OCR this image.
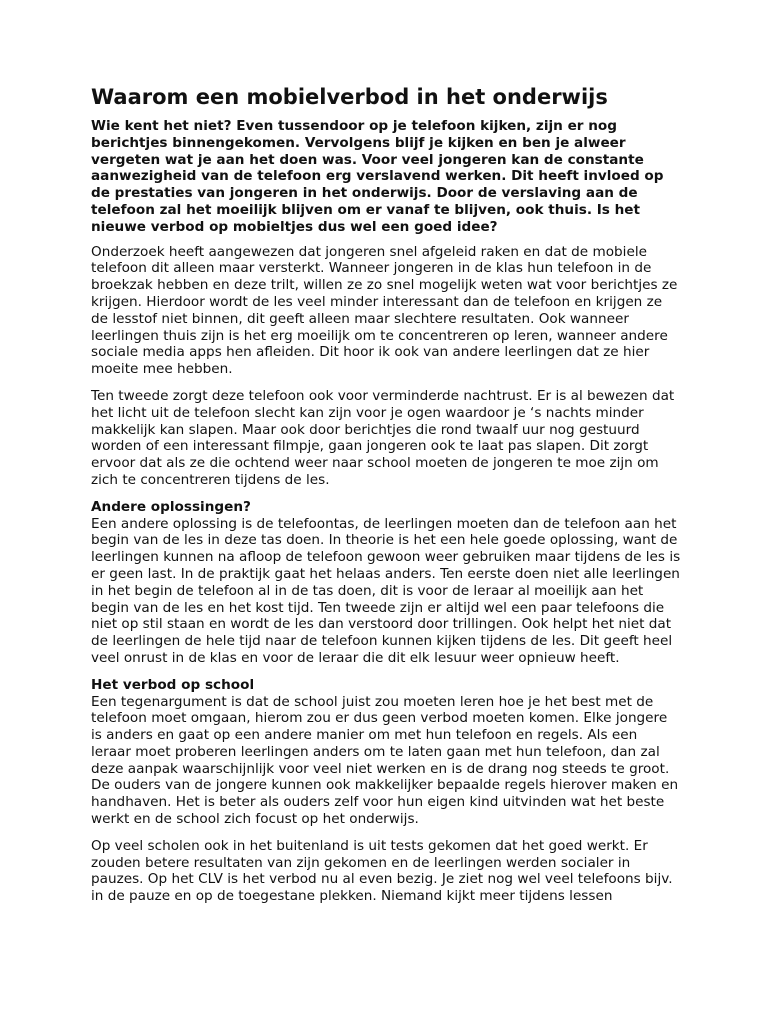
Waarom een mobielverbod in het onderwijs

Wie kent het niet? Even tussendoor op je telefoon kijken, zijn er nog berichtjes binnengekomen. Vervolgens blijf je kijken en ben je alweer vergeten wat je aan het doen was. Voor veel jongeren kan de constante aanwezigheid van de telefoon erg verslavend werken. Dit heeft invloed op de prestaties van jongeren in het onderwijs. Door de verslaving aan de telefoon zal het moeilijk blijven om er vanaf te blijven, ook thuis. Is het nieuwe verbod op mobieltjes dus wel een goed idee?

Onderzoek heeft aangewezen dat jongeren snel afgeleid raken en dat de mobiele telefoon dit alleen maar versterkt. Wanneer jongeren in de klas hun telefoon in de broekzak hebben en deze trilt, willen ze zo snel mogelijk weten wat voor berichtjes ze krijgen. Hierdoor wordt de les veel minder interessant dan de telefoon en krijgen ze de lesstof niet binnen, dit geeft alleen maar slechtere resultaten. Ook wanneer leerlingen thuis zijn is het erg moeilijk om te concentreren op leren, wanneer andere sociale media apps hen afleiden. Dit hoor ik ook van andere leerlingen dat ze hier moeite mee hebben.

Ten tweede zorgt deze telefoon ook voor verminderde nachtrust. Er is al bewezen dat het licht uit de telefoon slecht kan zijn voor je ogen waardoor je ‘s nachts minder makkelijk kan slapen. Maar ook door berichtjes die rond twaalf uur nog gestuurd worden of een interessant filmpje, gaan jongeren ook te laat pas slapen. Dit zorgt ervoor dat als ze die ochtend weer naar school moeten de jongeren te moe zijn om zich te concentreren tijdens de les.

Andere oplossingen?

Een andere oplossing is de telefoontas, de leerlingen moeten dan de telefoon aan het begin van de les in deze tas doen. In theorie is het een hele goede oplossing, want de leerlingen kunnen na afloop de telefoon gewoon weer gebruiken maar tijdens de les is er geen last. In de praktijk gaat het helaas anders. Ten eerste doen niet alle leerlingen in het begin de telefoon al in de tas doen, dit is voor de leraar al moeilijk aan het begin van de les en het kost tijd. Ten tweede zijn er altijd wel een paar telefoons die niet op stil staan en wordt de les dan verstoord door trillingen. Ook helpt het niet dat de leerlingen de hele tijd naar de telefoon kunnen kijken tijdens de les. Dit geeft heel veel onrust in de klas en voor de leraar die dit elk lesuur weer opnieuw heeft.

Het verbod op school

Een tegenargument is dat de school juist zou moeten leren hoe je het best met de telefoon moet omgaan, hierom zou er dus geen verbod moeten komen. Elke jongere is anders en gaat op een andere manier om met hun telefoon en regels. Als een leraar moet proberen leerlingen anders om te laten gaan met hun telefoon, dan zal deze aanpak waarschijnlijk voor veel niet werken en is de drang nog steeds te groot. De ouders van de jongere kunnen ook makkelijker bepaalde regels hierover maken en handhaven. Het is beter als ouders zelf voor hun eigen kind uitvinden wat het beste werkt en de school zich focust op het onderwijs.

Op veel scholen ook in het buitenland is uit tests gekomen dat het goed werkt. Er zouden betere resultaten van zijn gekomen en de leerlingen werden socialer in pauzes. Op het CLV is het verbod nu al even bezig. Je ziet nog wel veel telefoons bijv. in de pauze en op de toegestane plekken. Niemand kijkt meer tijdens lessen
